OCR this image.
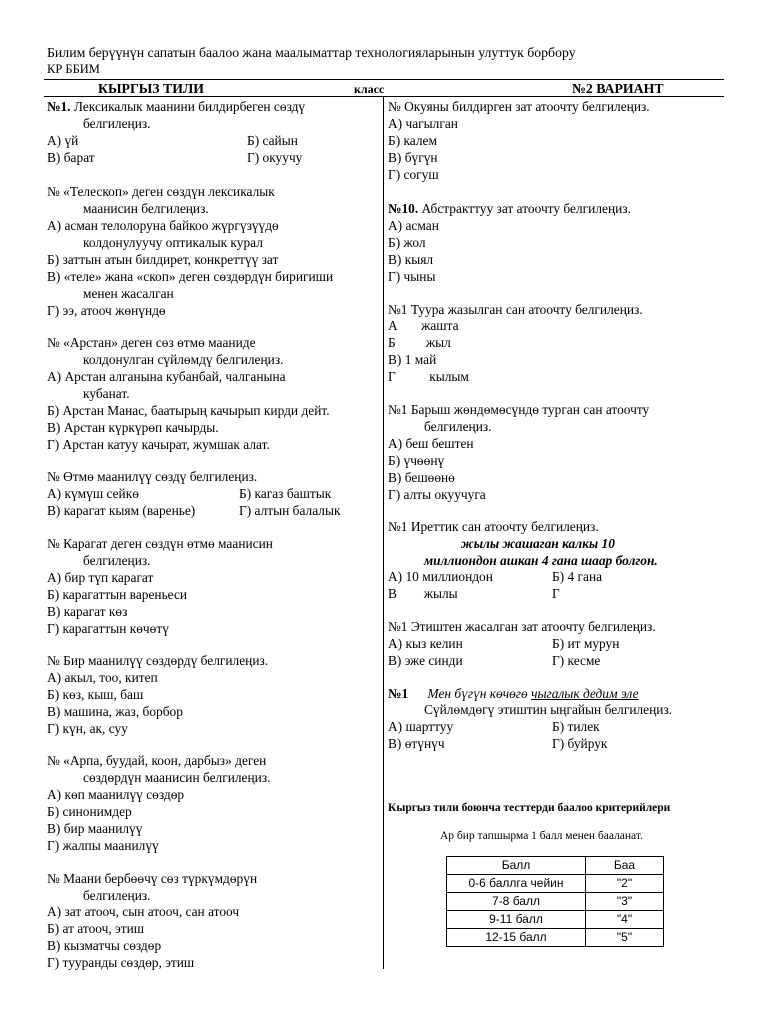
Билим берүүнүн сапатын баалоо жана маалыматтар технологияларынын улуттук борбору
КР ББИМ
КЫРГЫЗ ТИЛИ	класс	№2 ВАРИАНТ
№1. Лексикалык маанини билдирбеген сөздү
белгилеңиз.
А) үй	Б) сайын
В) барат	Г) окуучу
№ «Телескоп» деген сөздүн лексикалык
маанисин белгилеңиз.
А) асман телолоруна байкоо жүргүзүүдө
колдонулуучу оптикалык курал
Б) заттын атын билдирет, конкреттүү зат
В) «теле» жана «скоп» деген сөздөрдүн биригиши
менен жасалган
Г) ээ, атооч жөнүндө
№ «Арстан» деген сөз өтмө мааниде
колдонулган сүйлөмдү белгилеңиз.
А) Арстан алганына кубанбай, чалганына
кубанат.
Б) Арстан Манас, баатырың качырып кирди дейт.
В) Арстан күркүрөп качырды.
Г) Арстан катуу качырат, жумшак алат.
№ Өтмө маанилүү сөздү белгилеңиз.
А) күмүш сейкө	Б) кагаз баштык
В) карагат кыям (варенье)	Г) алтын балалык
№ Карагат деген сөздүн өтмө маанисин
белгилеңиз.
А) бир түп карагат
Б) карагаттын вареньеси
В) карагат көз
Г) карагаттын көчөтү
№ Бир маанилүү сөздөрдү белгилеңиз.
А) акыл, тоо, китеп
Б) көз, кыш, баш
В) машина, жаз, борбор
Г) күн, ак, суу
№ «Арпа, буудай, коон, дарбыз» деген
сөздөрдүн маанисин белгилеңиз.
А) көп маанилүү сөздөр
Б) синонимдер
В) бир маанилүү
Г) жалпы маанилүү
№ Маани бербөөчү сөз түркүмдөрүн
белгилеңиз.
А) зат атооч, сын атооч, сан атооч
Б) ат атооч, этиш
В) кызматчы сөздөр
Г) тууранды сөздөр, этиш
№ Окуяны билдирген зат атоочту белгилеңиз.
А) чагылган
Б) калем
В) бүгүн
Г) согуш
№10. Абстракттуу зат атоочту белгилеңиз.
А) асман
Б) жол
В) кыял
Г) чыны
№1 Туура жазылган сан атоочту белгилеңиз.
А       жашта
Б         жыл
В) 1 май
Г          кылым
№1 Барыш жөндөмөсүндө турган сан атоочту
белгилеңиз.
А) беш бештен
Б) үчөөнү
В) бешөөнө
Г) алты окуучуга
№1 Иреттик сан атоочту белгилеңиз.
жылы жашаган калкы 10
миллиондон ашкан 4 гана шаар болгон.
А) 10 миллиондон	Б) 4 гана
В        жылы	Г
№1 Этиштен жасалган зат атоочту белгилеңиз.
А) кыз келин	Б) ит мурун
В) эже синди	Г) кесме
№1 Мен бүгүн көчөгө чыгалык дедим эле
Сүйлөмдөгү этиштин ыңгайын белгилеңиз.
А) шарттуу	Б) тилек
В) өтүнүч	Г) буйрук
Кыргыз тили боюнча тесттерди баалоо критерийлери
Ар бир тапшырма 1 балл менен бааланат.
Балл	Баа
0-6 баллга чейин	"2"
7-8 балл	"3"
9-11 балл	"4"
12-15 балл	"5"
